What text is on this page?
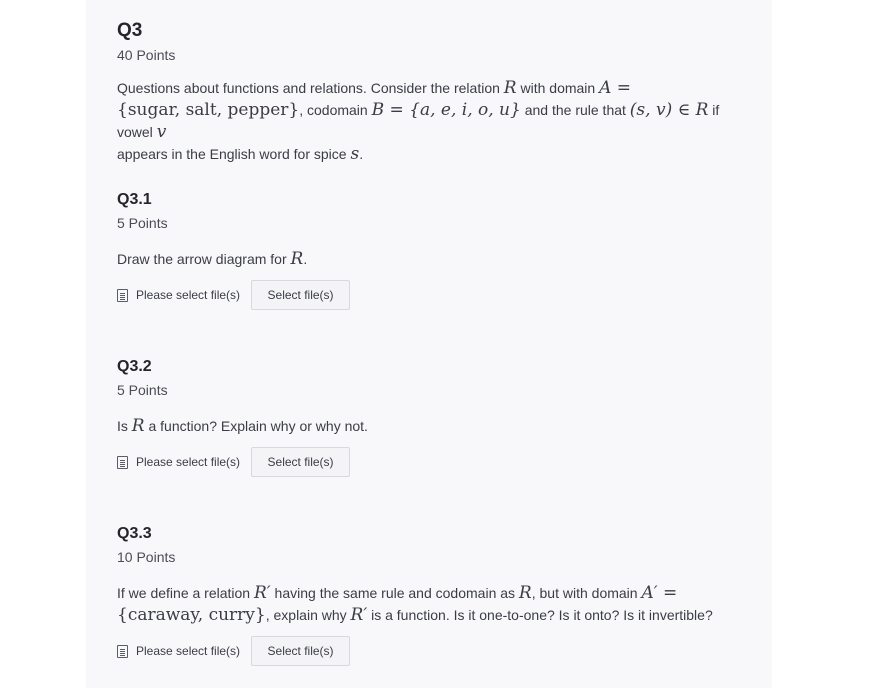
Q3
40 Points
Questions about functions and relations. Consider the relation R with domain A =
{sugar, salt, pepper}, codomain B = {a, e, i, o, u} and the rule that (s, v) ∈ R if vowel v
appears in the English word for spice s.
Q3.1
5 Points
Draw the arrow diagram for R.
Please select file(s)	Select file(s)
Q3.2
5 Points
Is R a function? Explain why or why not.
Please select file(s)	Select file(s)
Q3.3
10 Points
If we define a relation R′ having the same rule and codomain as R, but with domain A′ =
{caraway, curry}, explain why R′ is a function. Is it one-to-one? Is it onto? Is it invertible?
Please select file(s)	Select file(s)
